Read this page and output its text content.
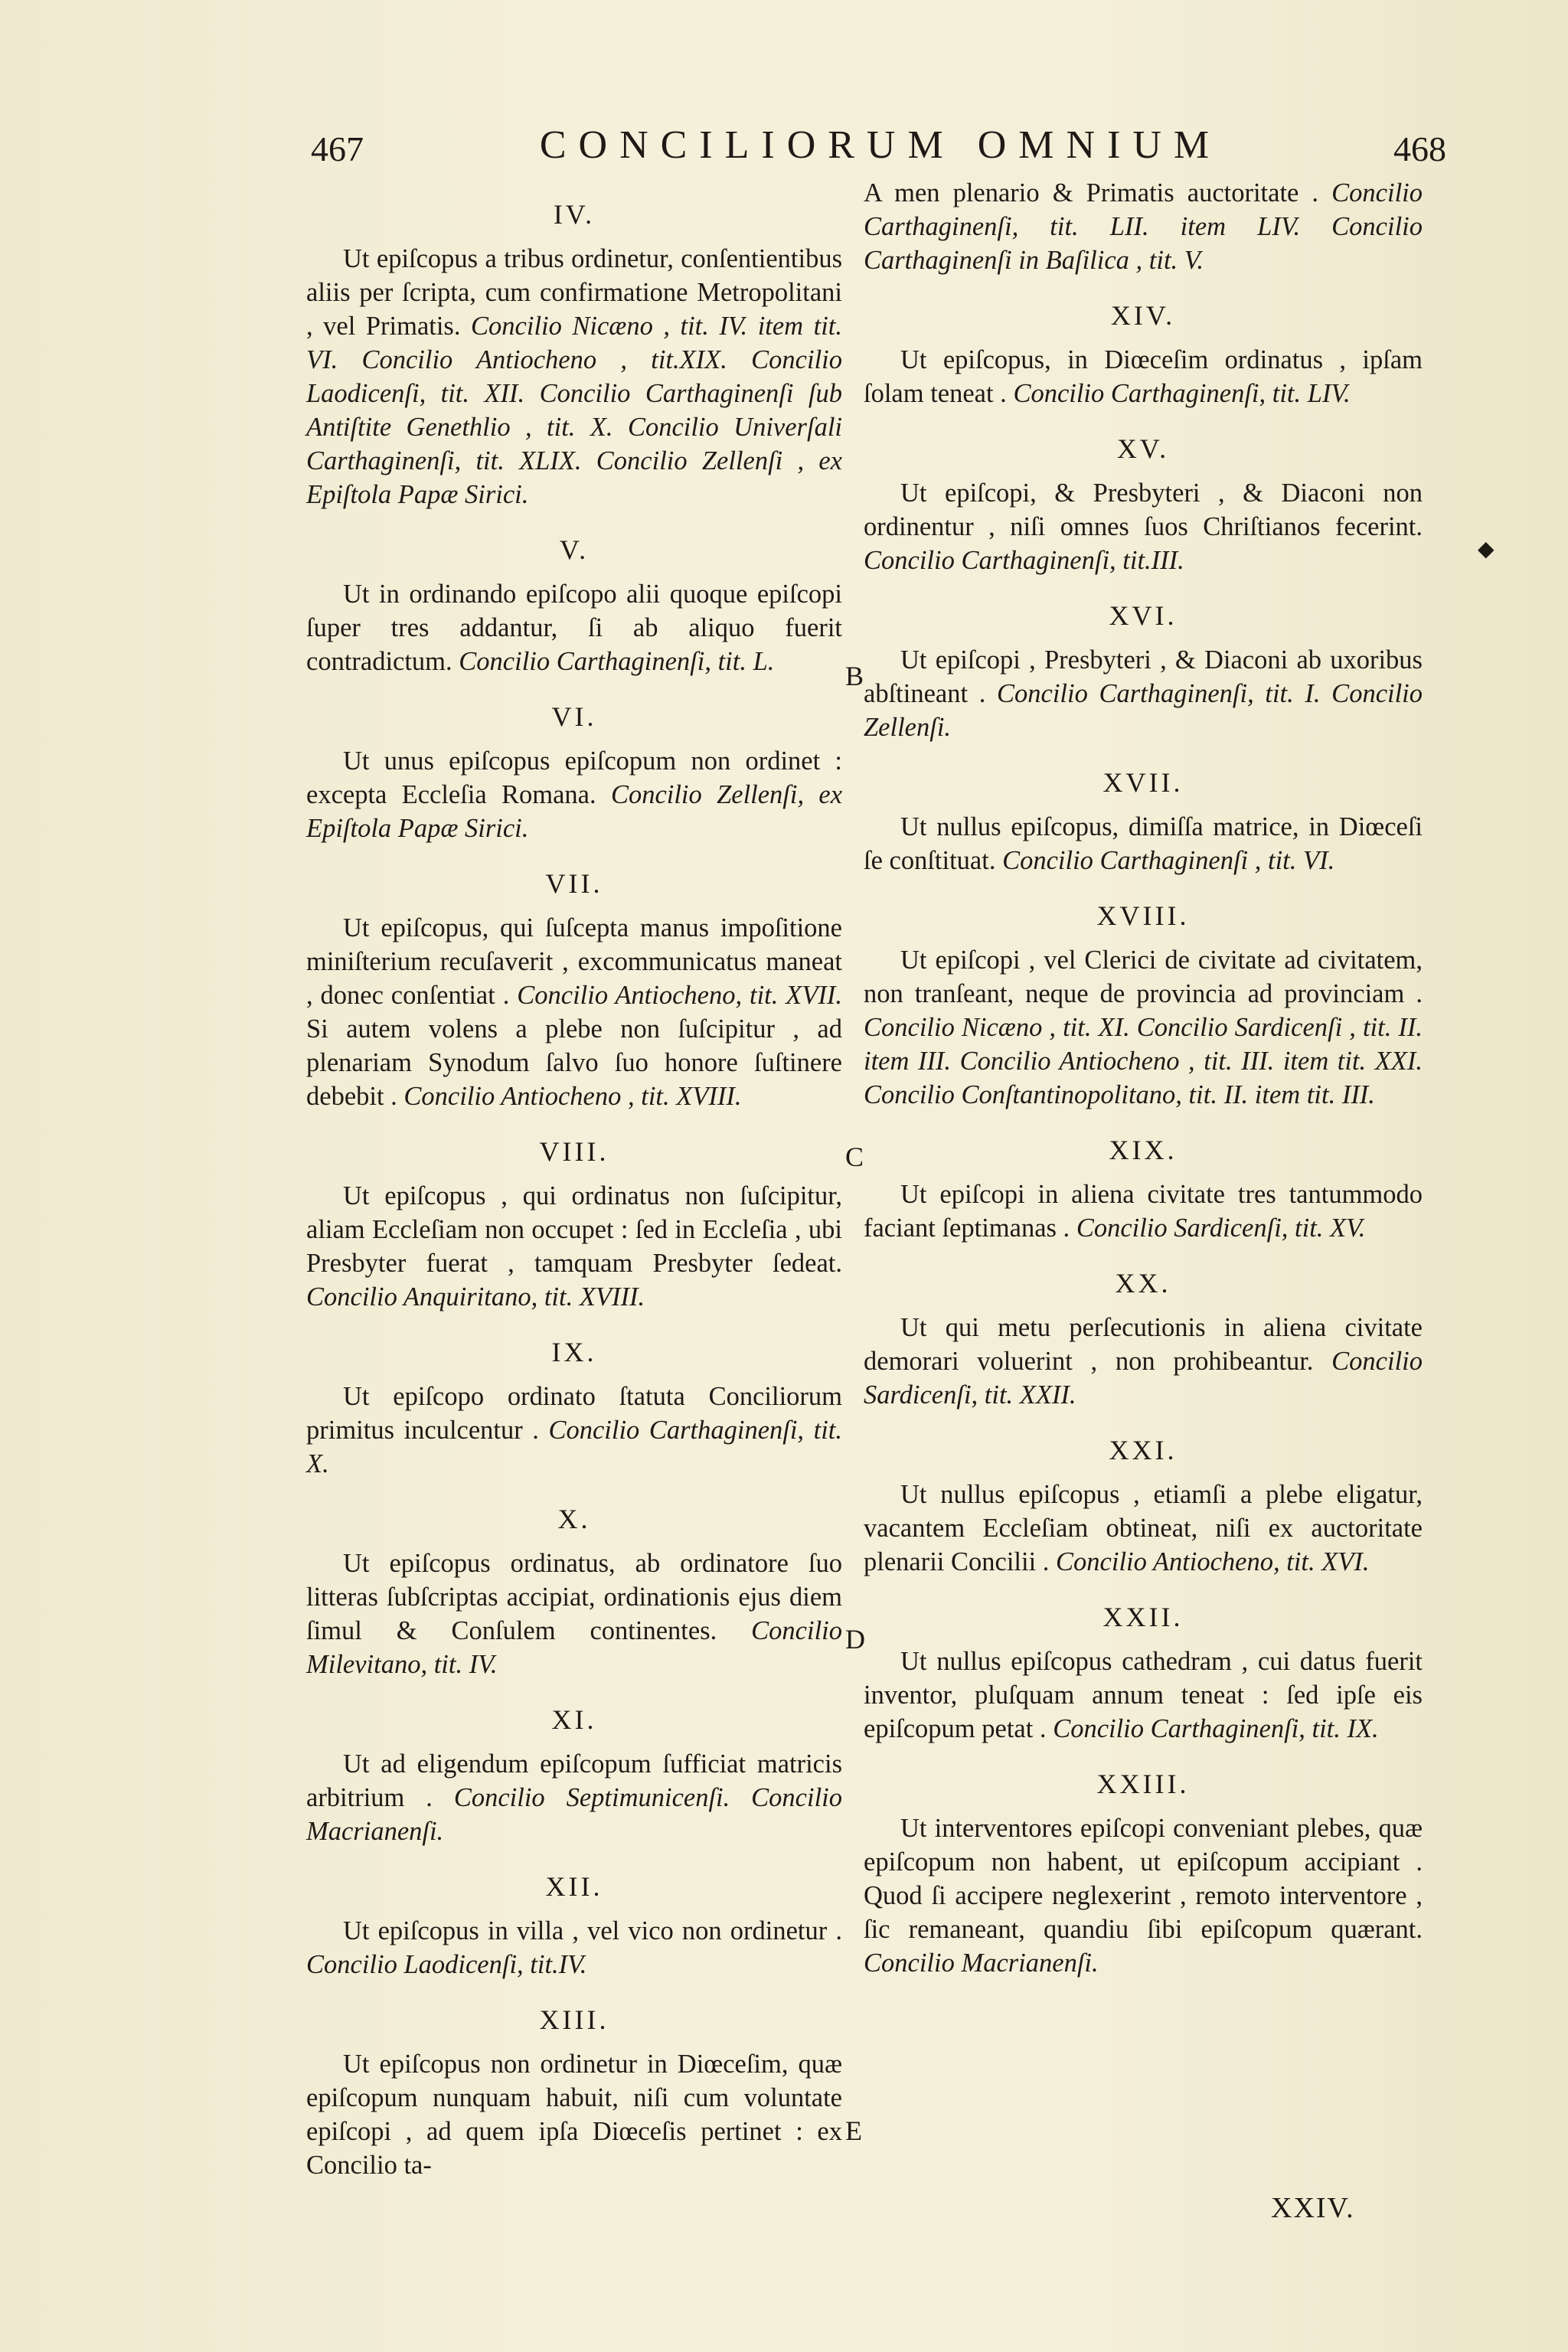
467	CONCILIORUM OMNIUM	468
IV.

Ut epiſcopus a tribus ordinetur, conſentientibus aliis per ſcripta, cum confirmatione Metropolitani , vel Primatis. Concilio Nicæno , tit. IV. item tit. VI. Concilio Antiocheno , tit.XIX. Concilio Laodicenſi, tit. XII. Concilio Carthaginenſi ſub Antiſtite Genethlio , tit. X. Concilio Univerſali Carthaginenſi, tit. XLIX. Concilio Zellenſi , ex Epiſtola Papæ Sirici.

V.

Ut in ordinando epiſcopo alii quoque epiſcopi ſuper tres addantur, ſi ab aliquo fuerit contradictum. Concilio Carthaginenſi, tit. L.

VI.

Ut unus epiſcopus epiſcopum non ordinet : excepta Eccleſia Romana. Concilio Zellenſi, ex Epiſtola Papæ Sirici.

VII.

Ut epiſcopus, qui ſuſcepta manus impoſitione miniſterium recuſaverit , excommunicatus maneat , donec conſentiat . Concilio Antiocheno, tit. XVII. Si autem volens a plebe non ſuſcipitur , ad plenariam Synodum ſalvo ſuo honore ſuſtinere debebit . Concilio Antiocheno , tit. XVIII.

VIII.

Ut epiſcopus , qui ordinatus non ſuſcipitur, aliam Eccleſiam non occupet : ſed in Eccleſia , ubi Presbyter fuerat , tamquam Presbyter ſedeat. Concilio Anquiritano, tit. XVIII.

IX.

Ut epiſcopo ordinato ſtatuta Conciliorum primitus inculcentur . Concilio Carthaginenſi, tit. X.

X.

Ut epiſcopus ordinatus, ab ordinatore ſuo litteras ſubſcriptas accipiat, ordinationis ejus diem ſimul & Conſulem continentes. Concilio Milevitano, tit. IV.

XI.

Ut ad eligendum epiſcopum ſufficiat matricis arbitrium . Concilio Septimunicenſi. Concilio Macrianenſi.

XII.

Ut epiſcopus in villa , vel vico non ordinetur . Concilio Laodicenſi, tit.IV.

XIII.

Ut epiſcopus non ordinetur in Diœceſim, quæ epiſcopum nunquam habuit, niſi cum voluntate epiſcopi , ad quem ipſa Diœceſis pertinet : ex Concilio ta-

A men plenario & Primatis auctoritate . Concilio Carthaginenſi, tit. LII. item LIV. Concilio Carthaginenſi in Baſilica , tit. V.

XIV.

Ut epiſcopus, in Diœceſim ordinatus , ipſam ſolam teneat . Concilio Carthaginenſi, tit. LIV.

XV.

Ut epiſcopi, & Presbyteri , & Diaconi non ordinentur , niſi omnes ſuos Chriſtianos fecerint. Concilio Carthaginenſi, tit.III.

XVI.

Ut epiſcopi , Presbyteri , & Diaconi ab uxoribus abſtineant . Concilio Carthaginenſi, tit. I. Concilio Zellenſi.

XVII.

Ut nullus epiſcopus, dimiſſa matrice, in Diœceſi ſe conſtituat. Concilio Carthaginenſi , tit. VI.

XVIII.

Ut epiſcopi , vel Clerici de civitate ad civitatem, non tranſeant, neque de provincia ad provinciam . Concilio Nicæno , tit. XI. Concilio Sardicenſi , tit. II. item III. Concilio Antiocheno , tit. III. item tit. XXI. Concilio Conſtantinopolitano, tit. II. item tit. III.

XIX.

Ut epiſcopi in aliena civitate tres tantummodo faciant ſeptimanas . Concilio Sardicenſi, tit. XV.

XX.

Ut qui metu perſecutionis in aliena civitate demorari voluerint , non prohibeantur. Concilio Sardicenſi, tit. XXII.

XXI.

Ut nullus epiſcopus , etiamſi a plebe eligatur, vacantem Eccleſiam obtineat, niſi ex auctoritate plenarii Concilii . Concilio Antiocheno, tit. XVI.

XXII.

Ut nullus epiſcopus cathedram , cui datus fuerit inventor, pluſquam annum teneat : ſed ipſe eis epiſcopum petat . Concilio Carthaginenſi, tit. IX.

XXIII.

Ut interventores epiſcopi conveniant plebes, quæ epiſcopum non habent, ut epiſcopum accipiant . Quod ſi accipere neglexerint , remoto interventore , ſic remaneant, quandiu ſibi epiſcopum quærant. Concilio Macrianenſi.

B
C
D
E
◆
XXIV.
